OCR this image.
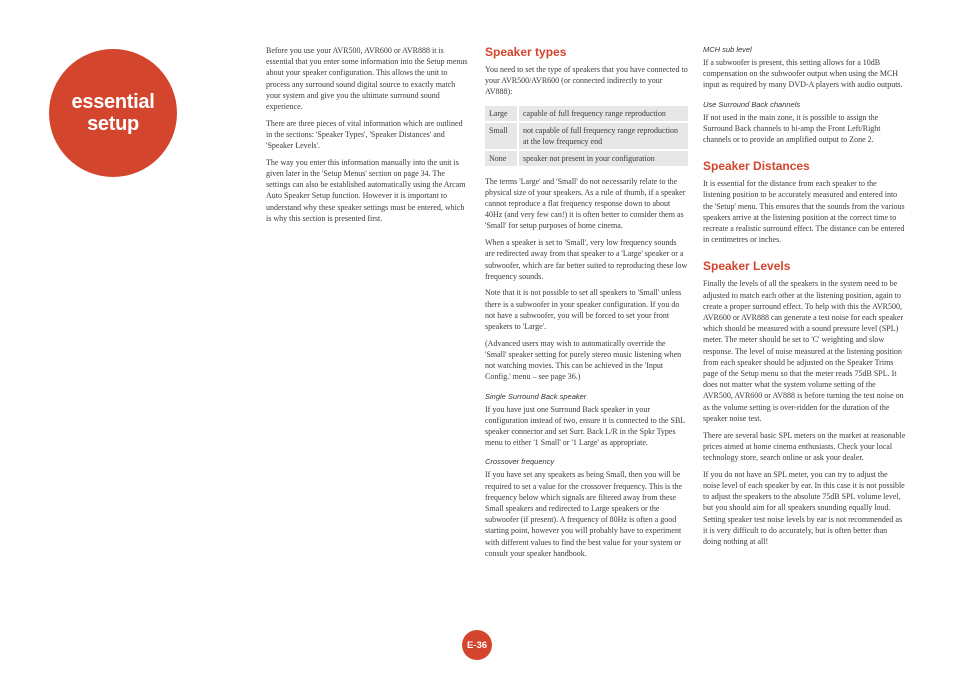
essential
setup

Before you use your AVR500, AVR600 or AVR888 it is essential that you enter some information into the Setup menus about your speaker configuration. This allows the unit to process any surround sound digital source to exactly match your system and give you the ultimate surround sound experience.

There are three pieces of vital information which are outlined in the sections: 'Speaker Types', 'Speaker Distances' and 'Speaker Levels'.

The way you enter this information manually into the unit is given later in the 'Setup Menus' section on page 34. The settings can also be established automatically using the Arcam Auto Speaker Setup function. However it is important to understand why these speaker settings must be entered, which is why this section is presented first.

Speaker types

You need to set the type of speakers that you have connected to your AVR500/AVR600 (or connected indirectly to your AV888):

Large	capable of full frequency range reproduction
Small	not capable of full frequency range reproduction at the low frequency end
None	speaker not present in your configuration

The terms 'Large' and 'Small' do not necessarily relate to the physical size of your speakers. As a rule of thumb, if a speaker cannot reproduce a flat frequency response down to about 40Hz (and very few can!) it is often better to consider them as 'Small' for setup purposes of home cinema.

When a speaker is set to 'Small', very low frequency sounds are redirected away from that speaker to a 'Large' speaker or a subwoofer, which are far better suited to reproducing these low frequency sounds.

Note that it is not possible to set all speakers to 'Small' unless there is a subwoofer in your speaker configuration. If you do not have a subwoofer, you will be forced to set your front speakers to 'Large'.

(Advanced users may wish to automatically override the 'Small' speaker setting for purely stereo music listening when not watching movies. This can be achieved in the 'Input Config.' menu – see page 36.)

Single Surround Back speaker

If you have just one Surround Back speaker in your configuration instead of two, ensure it is connected to the SBL speaker connector and set Surr. Back L/R in the Spkr Types menu to either '1 Small' or '1 Large' as appropriate.

Crossover frequency

If you have set any speakers as being Small, then you will be required to set a value for the crossover frequency. This is the frequency below which signals are filtered away from these Small speakers and redirected to Large speakers or the subwoofer (if present). A frequency of 80Hz is often a good starting point, however you will probably have to experiment with different values to find the best value for your system or consult your speaker handbook.

MCH sub level

If a subwoofer is present, this setting allows for a 10dB compensation on the subwoofer output when using the MCH input as required by many DVD-A players with audio outputs.

Use Surround Back channels

If not used in the main zone, it is possible to assign the Surround Back channels to bi-amp the Front Left/Right channels or to provide an amplified output to Zone 2.

Speaker Distances

It is essential for the distance from each speaker to the listening position to be accurately measured and entered into the 'Setup' menu. This ensures that the sounds from the various speakers arrive at the listening position at the correct time to recreate a realistic surround effect. The distance can be entered in centimetres or inches.

Speaker Levels

Finally the levels of all the speakers in the system need to be adjusted to match each other at the listening position, again to create a proper surround effect. To help with this the AVR500, AVR600 or AVR888 can generate a test noise for each speaker which should be measured with a sound pressure level (SPL) meter. The meter should be set to 'C' weighting and slow response. The level of noise measured at the listening position from each speaker should be adjusted on the Speaker Trims page of the Setup menu so that the meter reads 75dB SPL. It does not matter what the system volume setting of the AVR500, AVR600 or AV888 is before turning the test noise on as the volume setting is over-ridden for the duration of the speaker noise test.

There are several basic SPL meters on the market at reasonable prices aimed at home cinema enthusiasts. Check your local technology store, search online or ask your dealer.

If you do not have an SPL meter, you can try to adjust the noise level of each speaker by ear. In this case it is not possible to adjust the speakers to the absolute 75dB SPL volume level, but you should aim for all speakers sounding equally loud. Setting speaker test noise levels by ear is not recommended as it is very difficult to do accurately, but is often better than doing nothing at all!

E-36
